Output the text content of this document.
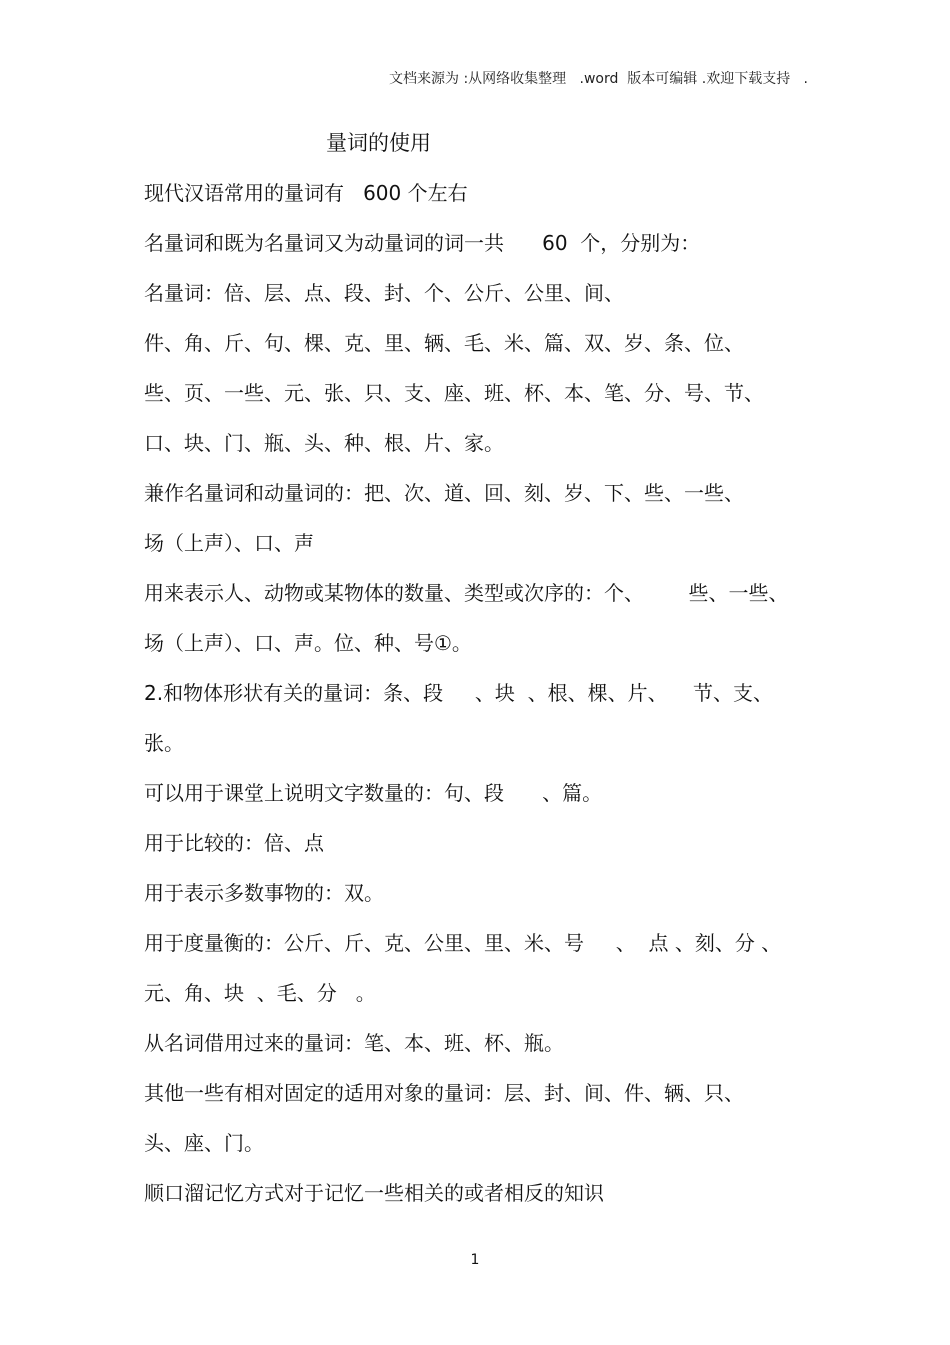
文档来源为 :从网络收集整理   .word  版本可编辑 .欢迎下载支持   .
量词的使用
现代汉语常用的量词有   600 个左右
名量词和既为名量词又为动量词的词一共      60  个，分别为：
名量词：倍、层、点、段、封、个、公斤、公里、间、
件、角、斤、句、棵、克、里、辆、毛、米、篇、双、岁、条、位、
些、页、一些、元、张、只、支、座、班、杯、本、笔、分、号、节、
口、块、门、瓶、头、种、根、片、家。
兼作名量词和动量词的：把、次、道、回、刻、岁、下、些、一些、
场（上声）、口、声
用来表示人、动物或某物体的数量、类型或次序的：个、       些、一些、
场（上声）、口、声。位、种、号①。
2.和物体形状有关的量词：条、段     、块  、根、棵、片、    节、支、
张。
可以用于课堂上说明文字数量的：句、段      、篇。
用于比较的：倍、点
用于表示多数事物的：双。
用于度量衡的：公斤、斤、克、公里、里、米、号     、  点 、刻、分 、
元、角、块  、毛、分   。
从名词借用过来的量词：笔、本、班、杯、瓶。
其他一些有相对固定的适用对象的量词：层、封、间、件、辆、只、
头、座、门。
顺口溜记忆方式对于记忆一些相关的或者相反的知识
1
